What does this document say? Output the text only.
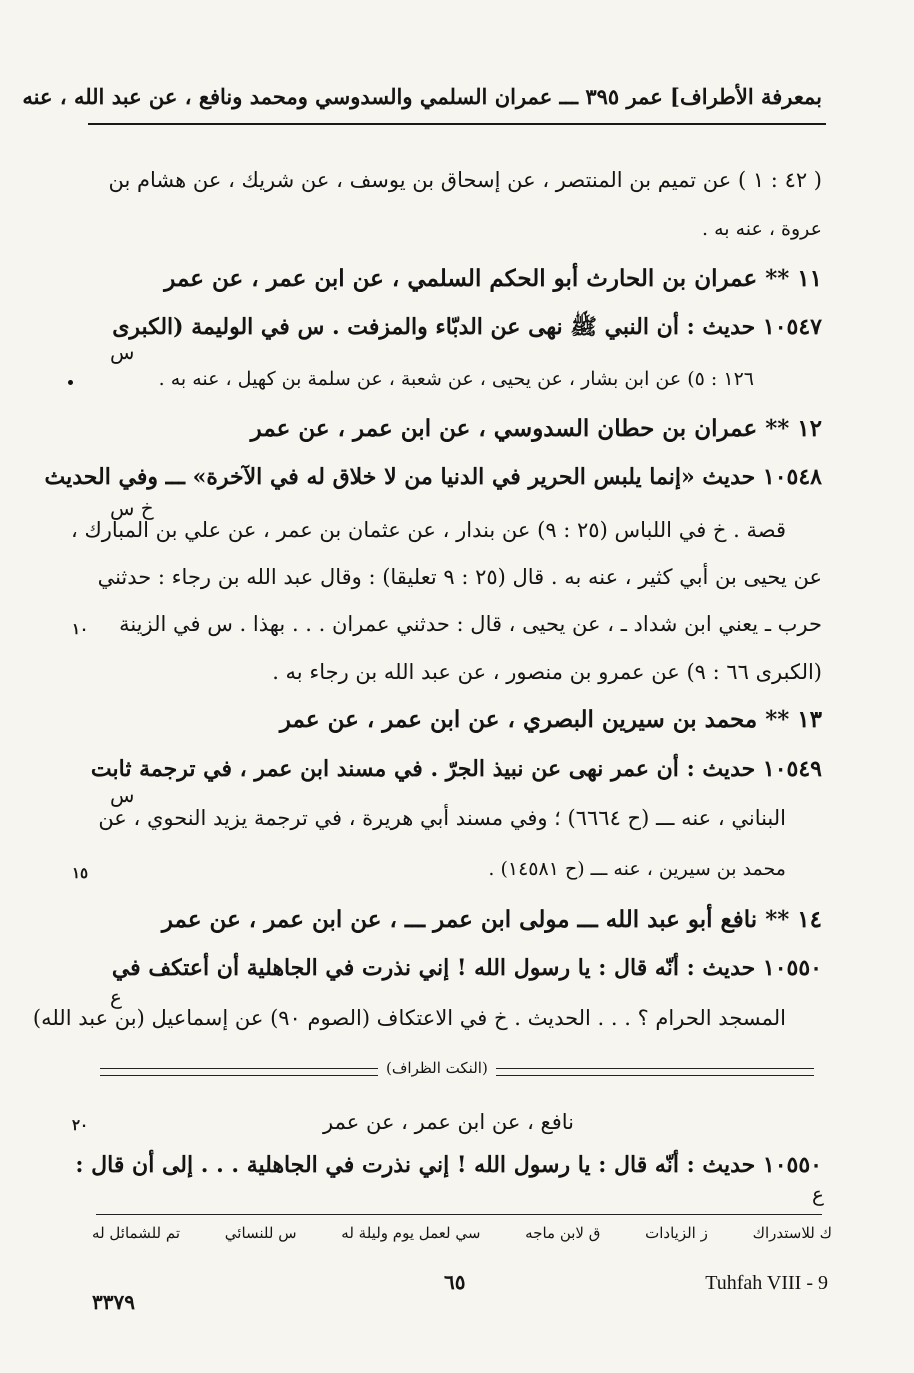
بمعرفة الأطراف] عمر ٣٩٥ ـــ عمران السلمي والسدوسي ومحمد ونافع ، عن عبد الله ، عنه
( ٤٢ : ١ ) عن تميم بن المنتصر ، عن إسحاق بن يوسف ، عن شريك ، عن هشام بن
عروة ، عنه به .
١١ ** عمران بن الحارث أبو الحكم السلمي ، عن ابن عمر ، عن عمر
١٠٥٤٧ حديث : أن النبي ﷺ نهى عن الدبّاء والمزفت . س في الوليمة (الكبرى
س
١٢٦ : ٥) عن ابن بشار ، عن يحيى ، عن شعبة ، عن سلمة بن كهيل ، عنه به .
١٢ ** عمران بن حطان السدوسي ، عن ابن عمر ، عن عمر
١٠٥٤٨ حديث «إنما يلبس الحرير في الدنيا من لا خلاق له في الآخرة» ـــ وفي الحديث
خ س
قصة . خ في اللباس (٢٥ : ٩) عن بندار ، عن عثمان بن عمر ، عن علي بن المبارك ،
عن يحيى بن أبي كثير ، عنه به . قال (٢٥ : ٩ تعليقا) : وقال عبد الله بن رجاء : حدثني
حرب ـ يعني ابن شداد ـ ، عن يحيى ، قال : حدثني عمران . . . بهذا . س في الزينة
١٠
(الكبرى ٦٦ : ٩) عن عمرو بن منصور ، عن عبد الله بن رجاء به .
١٣ ** محمد بن سيرين البصري ، عن ابن عمر ، عن عمر
١٠٥٤٩ حديث : أن عمر نهى عن نبيذ الجرّ . في مسند ابن عمر ، في ترجمة ثابت
س
البناني ، عنه ـــ (ح ٦٦٦٤) ؛ وفي مسند أبي هريرة ، في ترجمة يزيد النحوي ، عن
محمد بن سيرين ، عنه ـــ (ح ١٤٥٨١) .
١٥
١٤ ** نافع أبو عبد الله ـــ مولى ابن عمر ـــ ، عن ابن عمر ، عن عمر
١٠٥٥٠ حديث : أنّه قال : يا رسول الله ! إني نذرت في الجاهلية أن أعتكف في
ع
المسجد الحرام ؟ . . . الحديث . خ في الاعتكاف (الصوم ٩٠) عن إسماعيل (بن عبد الله)
(النكت الظراف)
نافع ، عن ابن عمر ، عن عمر
٢٠
١٠٥٥٠ حديث : أنّه قال : يا رسول الله ! إني نذرت في الجاهلية . . . إلى أن قال :
ع
تم للشمائل له	س للنسائي	سي لعمل يوم وليلة له	ق لابن ماجه	ز الزيادات	ك للاستدراك
٣٣٧٩
٦٥	Tuhfah VIII - 9
